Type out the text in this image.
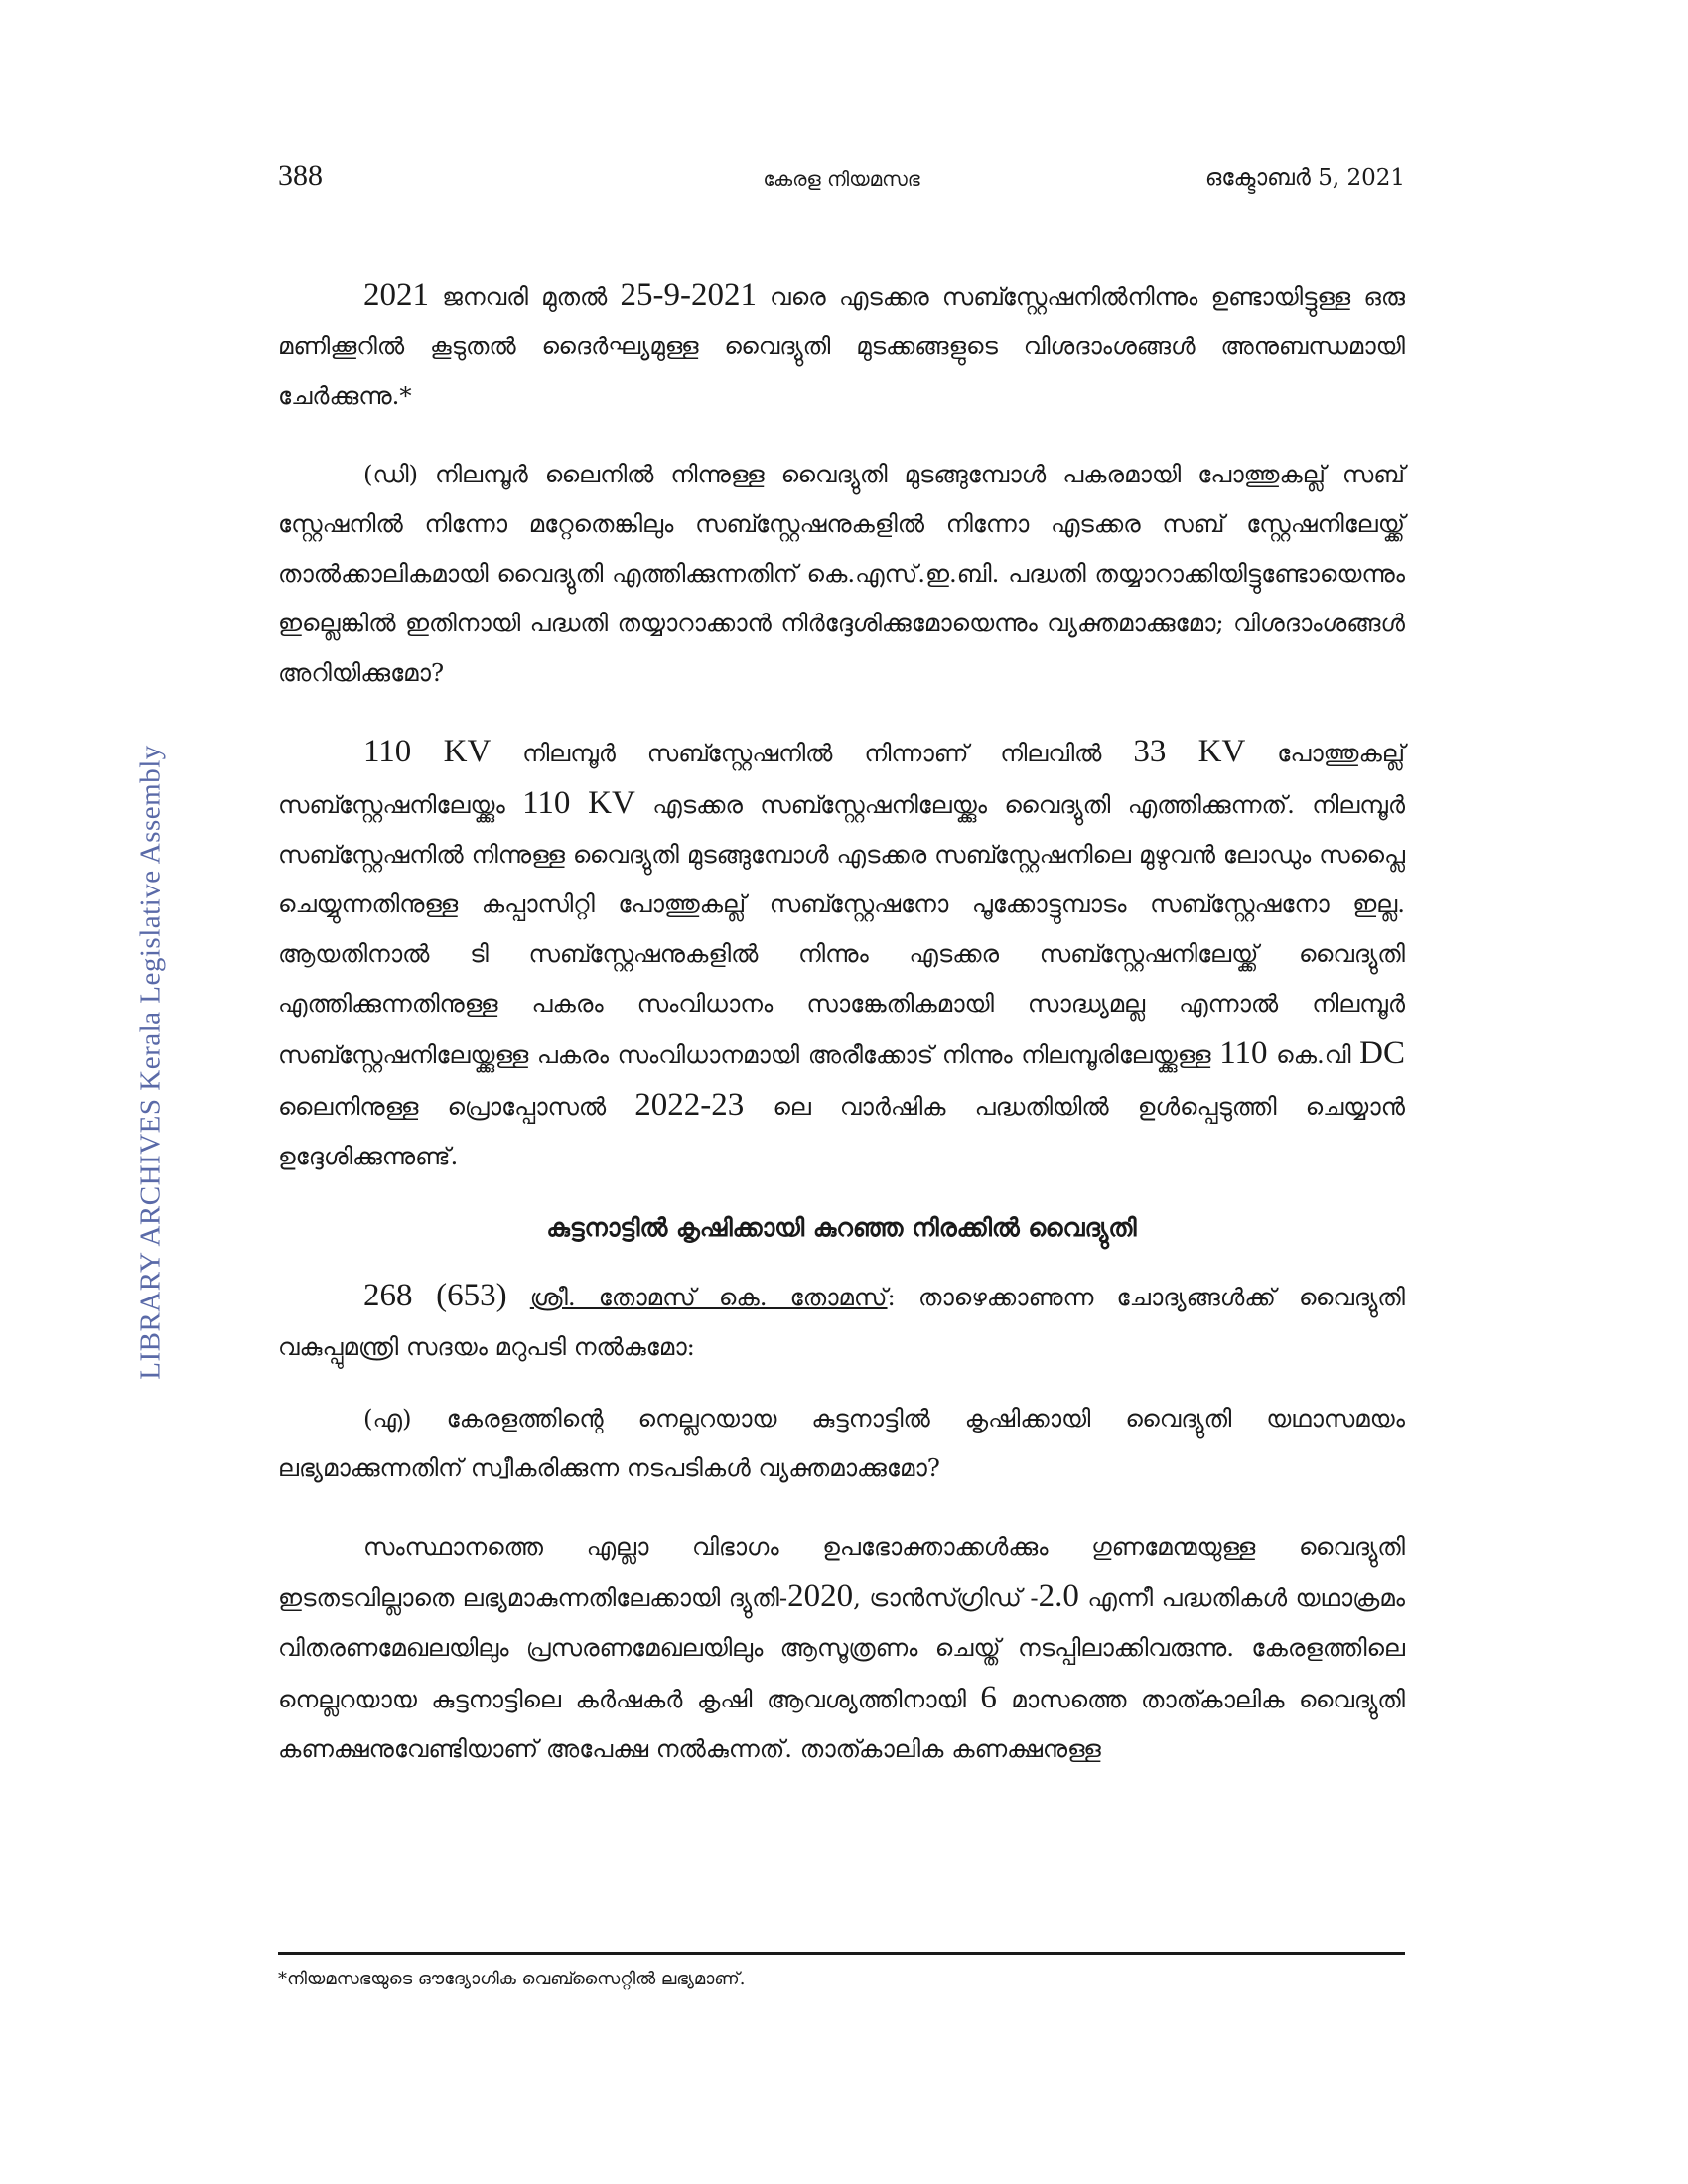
LIBRARY ARCHIVES Kerala Legislative Assembly
388	കേരള നിയമസഭ	ഒക്ടോബർ 5, 2021

2021 ജനവരി മുതൽ 25-9-2021 വരെ എടക്കര സബ്സ്റ്റേഷനിൽനിന്നും ഉണ്ടായിട്ടുള്ള ഒരു മണിക്കൂറിൽ കൂടുതൽ ദൈർഘ്യമുള്ള വൈദ്യുതി മുടക്കങ്ങളുടെ വിശദാംശങ്ങൾ അനുബന്ധമായി ചേർക്കുന്നു.*

(ഡി) നിലമ്പൂർ ലൈനിൽ നിന്നുള്ള വൈദ്യുതി മുടങ്ങുമ്പോൾ പകരമായി പോത്തുകല്ല് സബ് സ്റ്റേഷനിൽ നിന്നോ മറ്റേതെങ്കിലും സബ്സ്റ്റേഷനുകളിൽ നിന്നോ എടക്കര സബ് സ്റ്റേഷനിലേയ്ക്ക് താൽക്കാലികമായി വൈദ്യുതി എത്തിക്കുന്നതിന് കെ.എസ്.ഇ.ബി. പദ്ധതി തയ്യാറാക്കിയിട്ടുണ്ടോയെന്നും ഇല്ലെങ്കിൽ ഇതിനായി പദ്ധതി തയ്യാറാക്കാൻ നിർദ്ദേശിക്കുമോയെന്നും വ്യക്തമാക്കുമോ; വിശദാംശങ്ങൾ അറിയിക്കുമോ?

110 KV നിലമ്പൂർ സബ്സ്റ്റേഷനിൽ നിന്നാണ് നിലവിൽ 33 KV പോത്തുകല്ല് സബ്സ്റ്റേഷനിലേയ്ക്കും 110 KV എടക്കര സബ്സ്റ്റേഷനിലേയ്ക്കും വൈദ്യുതി എത്തിക്കുന്നത്. നിലമ്പൂർ സബ്സ്റ്റേഷനിൽ നിന്നുള്ള വൈദ്യുതി മുടങ്ങുമ്പോൾ എടക്കര സബ്സ്റ്റേഷനിലെ മുഴുവൻ ലോഡും സപ്ലൈ ചെയ്യുന്നതിനുള്ള കപ്പാസിറ്റി പോത്തുകല്ല് സബ്സ്റ്റേഷനോ പൂക്കോട്ടുമ്പാടം സബ്സ്റ്റേഷനോ ഇല്ല. ആയതിനാൽ ടി സബ്സ്റ്റേഷനുകളിൽ നിന്നും എടക്കര സബ്സ്റ്റേഷനിലേയ്ക്ക് വൈദ്യുതി എത്തിക്കുന്നതിനുള്ള പകരം സംവിധാനം സാങ്കേതികമായി സാദ്ധ്യമല്ല എന്നാൽ നിലമ്പൂർ സബ്സ്റ്റേഷനിലേയ്ക്കുള്ള പകരം സംവിധാനമായി അരീക്കോട് നിന്നും നിലമ്പൂരിലേയ്ക്കുള്ള 110 കെ.വി DC ലൈനിനുള്ള പ്രൊപ്പോസൽ 2022-23 ലെ വാർഷിക പദ്ധതിയിൽ ഉൾപ്പെടുത്തി ചെയ്യാൻ ഉദ്ദേശിക്കുന്നുണ്ട്.

കുട്ടനാട്ടിൽ കൃഷിക്കായി കുറഞ്ഞ നിരക്കിൽ വൈദ്യുതി

268 (653) ശ്രീ. തോമസ് കെ. തോമസ്: താഴെക്കാണുന്ന ചോദ്യങ്ങൾക്ക് വൈദ്യുതി വകുപ്പുമന്ത്രി സദയം മറുപടി നൽകുമോ:

(എ) കേരളത്തിന്റെ നെല്ലറയായ കുട്ടനാട്ടിൽ കൃഷിക്കായി വൈദ്യുതി യഥാസമയം ലഭ്യമാക്കുന്നതിന് സ്വീകരിക്കുന്ന നടപടികൾ വ്യക്തമാക്കുമോ?

സംസ്ഥാനത്തെ എല്ലാ വിഭാഗം ഉപഭോക്താക്കൾക്കും ഗുണമേന്മയുള്ള വൈദ്യുതി ഇടതടവില്ലാതെ ലഭ്യമാകുന്നതിലേക്കായി ദ്യുതി-2020, ട്രാൻസ്ഗ്രിഡ് -2.0 എന്നീ പദ്ധതികൾ യഥാക്രമം വിതരണമേഖലയിലും പ്രസരണമേഖലയിലും ആസൂത്രണം ചെയ്ത് നടപ്പിലാക്കിവരുന്നു. കേരളത്തിലെ നെല്ലറയായ കുട്ടനാട്ടിലെ കർഷകർ കൃഷി ആവശ്യത്തിനായി 6 മാസത്തെ താത്കാലിക വൈദ്യുതി കണക്ഷനുവേണ്ടിയാണ് അപേക്ഷ നൽകുന്നത്. താത്കാലിക കണക്ഷനുള്ള

*നിയമസഭയുടെ ഔദ്യോഗിക വെബ്സൈറ്റിൽ ലഭ്യമാണ്.
